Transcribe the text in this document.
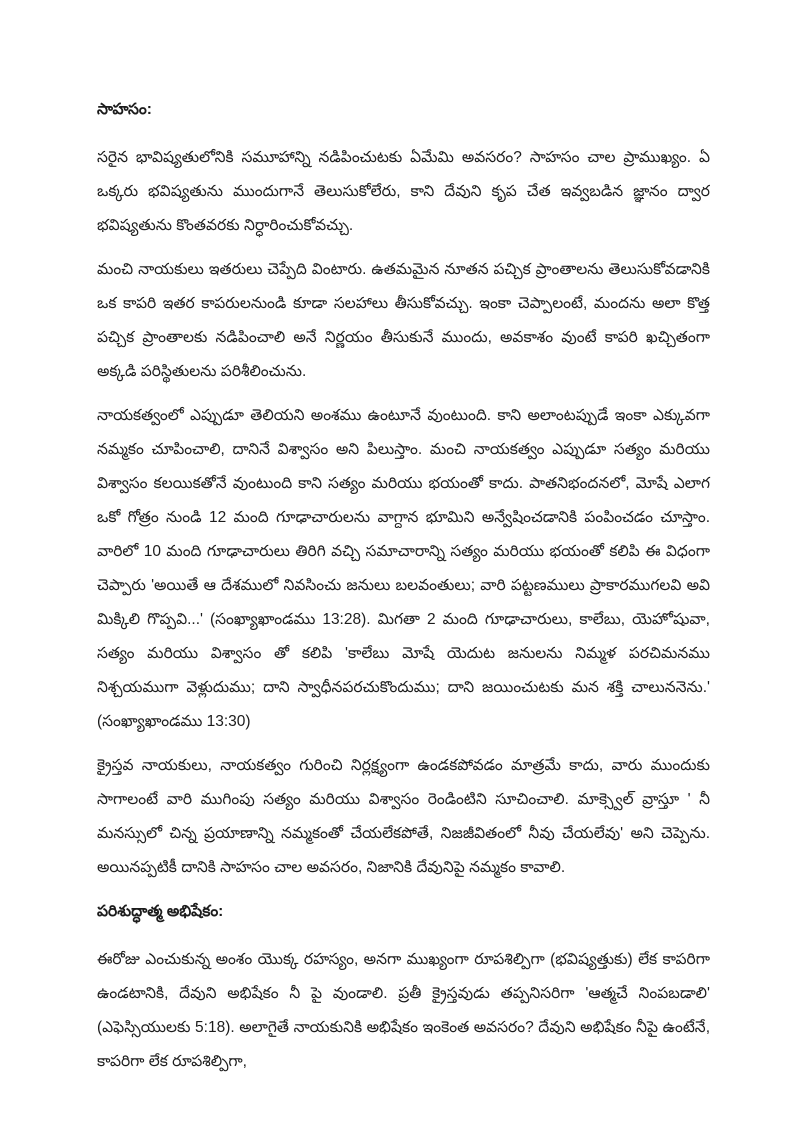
సాహసం:
సరైన భావిష్యతులోనికి సమూహాన్ని నడిపించుటకు ఏమేమి అవసరం? సాహసం చాల ప్రాముఖ్యం. ఏ ఒక్కరు భవిష్యతును ముందుగానే తెలుసుకోలేరు, కాని దేవుని కృప చేత ఇవ్వబడిన జ్ఞానం ద్వార భవిష్యతును కొంతవరకు నిర్ధారించుకోవచ్చు.
మంచి నాయకులు ఇతరులు చెప్పేది వింటారు. ఉతమమైన నూతన పచ్చిక ప్రాంతాలను తెలుసుకోవడానికి ఒక కాపరి ఇతర కాపరులనుండి కూడా సలహాలు తీసుకోవచ్చు. ఇంకా చెప్పాలంటే, మందను అలా కొత్త పచ్చిక ప్రాంతాలకు నడిపించాలి అనే నిర్ణయం తీసుకునే ముందు, అవకాశం వుంటే కాపరి ఖచ్చితంగా అక్కడి పరిస్థితులను పరిశీలించును.
నాయకత్వంలో ఎప్పుడూ తెలియని అంశము ఉంటూనే వుంటుంది. కాని అలాంటప్పుడే ఇంకా ఎక్కువగా నమ్మకం చూపించాలి, దానినే విశ్వాసం అని పిలుస్తాం. మంచి నాయకత్వం ఎప్పుడూ సత్యం మరియు విశ్వాసం కలయికతోనే వుంటుంది కాని సత్యం మరియు భయంతో కాదు. పాతనిభందనలో, మోషే ఎలాగ ఒకో గోత్రం నుండి 12 మంది గూఢాచారులను వాగ్దాన భూమిని అన్వేషించడానికి పంపించడం చూస్తాం. వారిలో 10 మంది గూఢాచారులు తిరిగి వచ్చి సమాచారాన్ని సత్యం మరియు భయంతో కలిపి ఈ విధంగా చెప్పారు 'అయితే ఆ దేశములో నివసించు జనులు బలవంతులు; వారి పట్టణములు ప్రాకారముగలవి అవి మిక్కిలి గొప్పవి...' (సంఖ్యాఖాండము 13:28). మిగతా 2 మంది గూఢాచారులు, కాలేబు, యెహోషువా, సత్యం మరియు విశ్వాసం తో కలిపి 'కాలేబు మోషే యెదుట జనులను నిమ్మళ పరచిమనము నిశ్చయముగా వెళ్లుదుము; దాని స్వాధీనపరచుకొందుము; దాని జయించుటకు మన శక్తి చాలుననెను.' (సంఖ్యాఖాండము 13:30)
క్రైస్తవ నాయకులు, నాయకత్వం గురించి నిర్లక్ష్యంగా ఉండకపోవడం మాత్రమే కాదు, వారు ముందుకు సాగాలంటే వారి ముగింపు సత్యం మరియు విశ్వాసం రెండింటిని సూచించాలి. మాక్స్వెల్ వ్రాస్తూ ' నీ మనస్సులో చిన్న ప్రయాణాన్ని నమ్మకంతో చేయలేకపోతే, నిజజీవితంలో నీవు చేయలేవు' అని చెప్పెను. అయినప్పటికీ దానికి సాహసం చాల అవసరం, నిజానికి దేవునిపై నమ్మకం కావాలి.
పరిశుద్ధాత్మ అభిషేకం:
ఈరోజు ఎంచుకున్న అంశం యొక్క రహస్యం, అనగా ముఖ్యంగా రూపశిల్పిగా (భవిష్యత్తుకు) లేక కాపరిగా ఉండటానికి, దేవుని అభిషేకం నీ పై వుండాలి. ప్రతీ క్రైస్తవుడు తప్పనిసరిగా 'ఆత్మచే నింపబడాలి' (ఎఫెస్సియులకు 5:18). అలాగైతే నాయకునికి అభిషేకం ఇంకెంత అవసరం? దేవుని అభిషేకం నీపై ఉంటేనే, కాపరిగా లేక రూపశిల్పిగా,
